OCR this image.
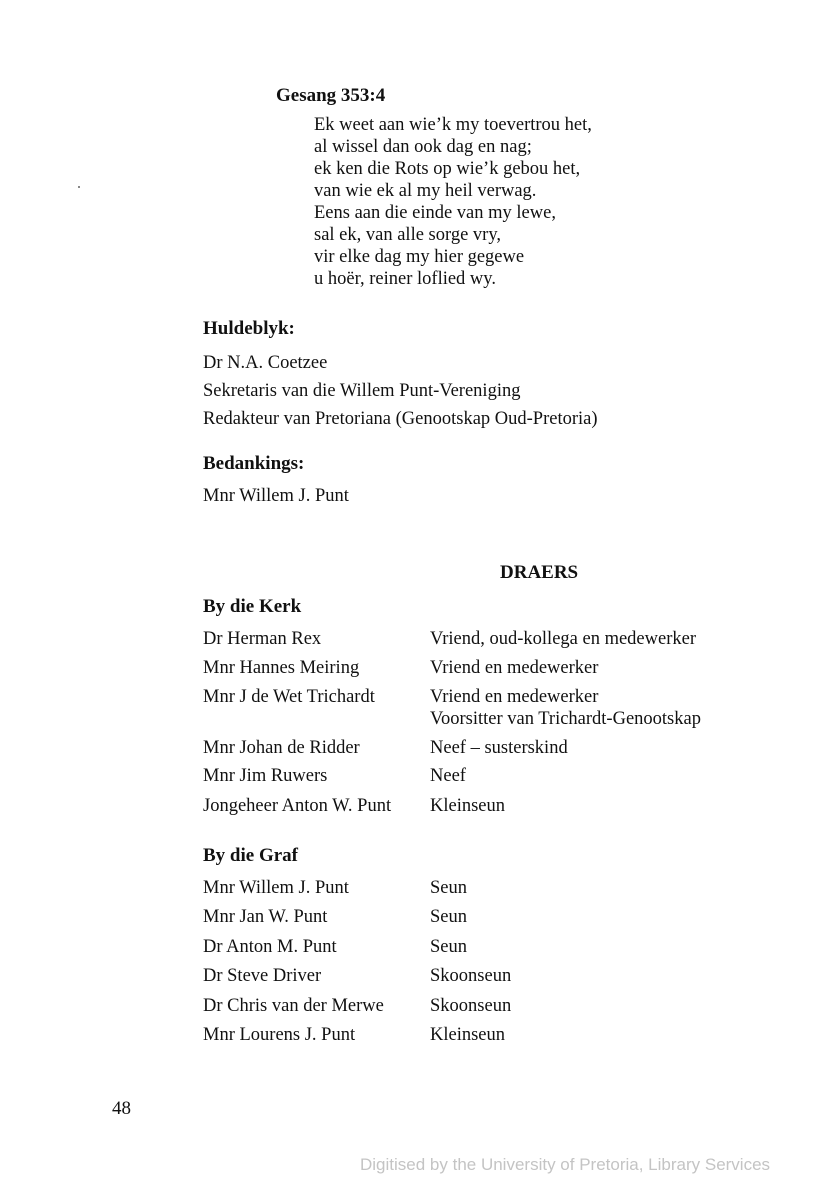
Gesang 353:4
Ek weet aan wie’k my toevertrou het,
al wissel dan ook dag en nag;
ek ken die Rots op wie’k gebou het,
van wie ek al my heil verwag.
Eens aan die einde van my lewe,
sal ek, van alle sorge vry,
vir elke dag my hier gegewe
u hoër, reiner loflied wy.
Huldeblyk:
Dr N.A. Coetzee
Sekretaris van die Willem Punt-Vereniging
Redakteur van Pretoriana (Genootskap Oud-Pretoria)
Bedankings:
Mnr Willem J. Punt
DRAERS
By die Kerk
Dr Herman Rex	Vriend, oud-kollega en medewerker
Mnr Hannes Meiring	Vriend en medewerker
Mnr J de Wet Trichardt	Vriend en medewerker
Voorsitter van Trichardt-Genootskap
Mnr Johan de Ridder	Neef – susterskind
Mnr Jim Ruwers	Neef
Jongeheer Anton W. Punt Kleinseun
By die Graf
Mnr Willem J. Punt	Seun
Mnr Jan W. Punt	Seun
Dr Anton M. Punt	Seun
Dr Steve Driver	Skoonseun
Dr Chris van der Merwe Skoonseun
Mnr Lourens J. Punt	Kleinseun
48
Digitised by the University of Pretoria, Library Services
